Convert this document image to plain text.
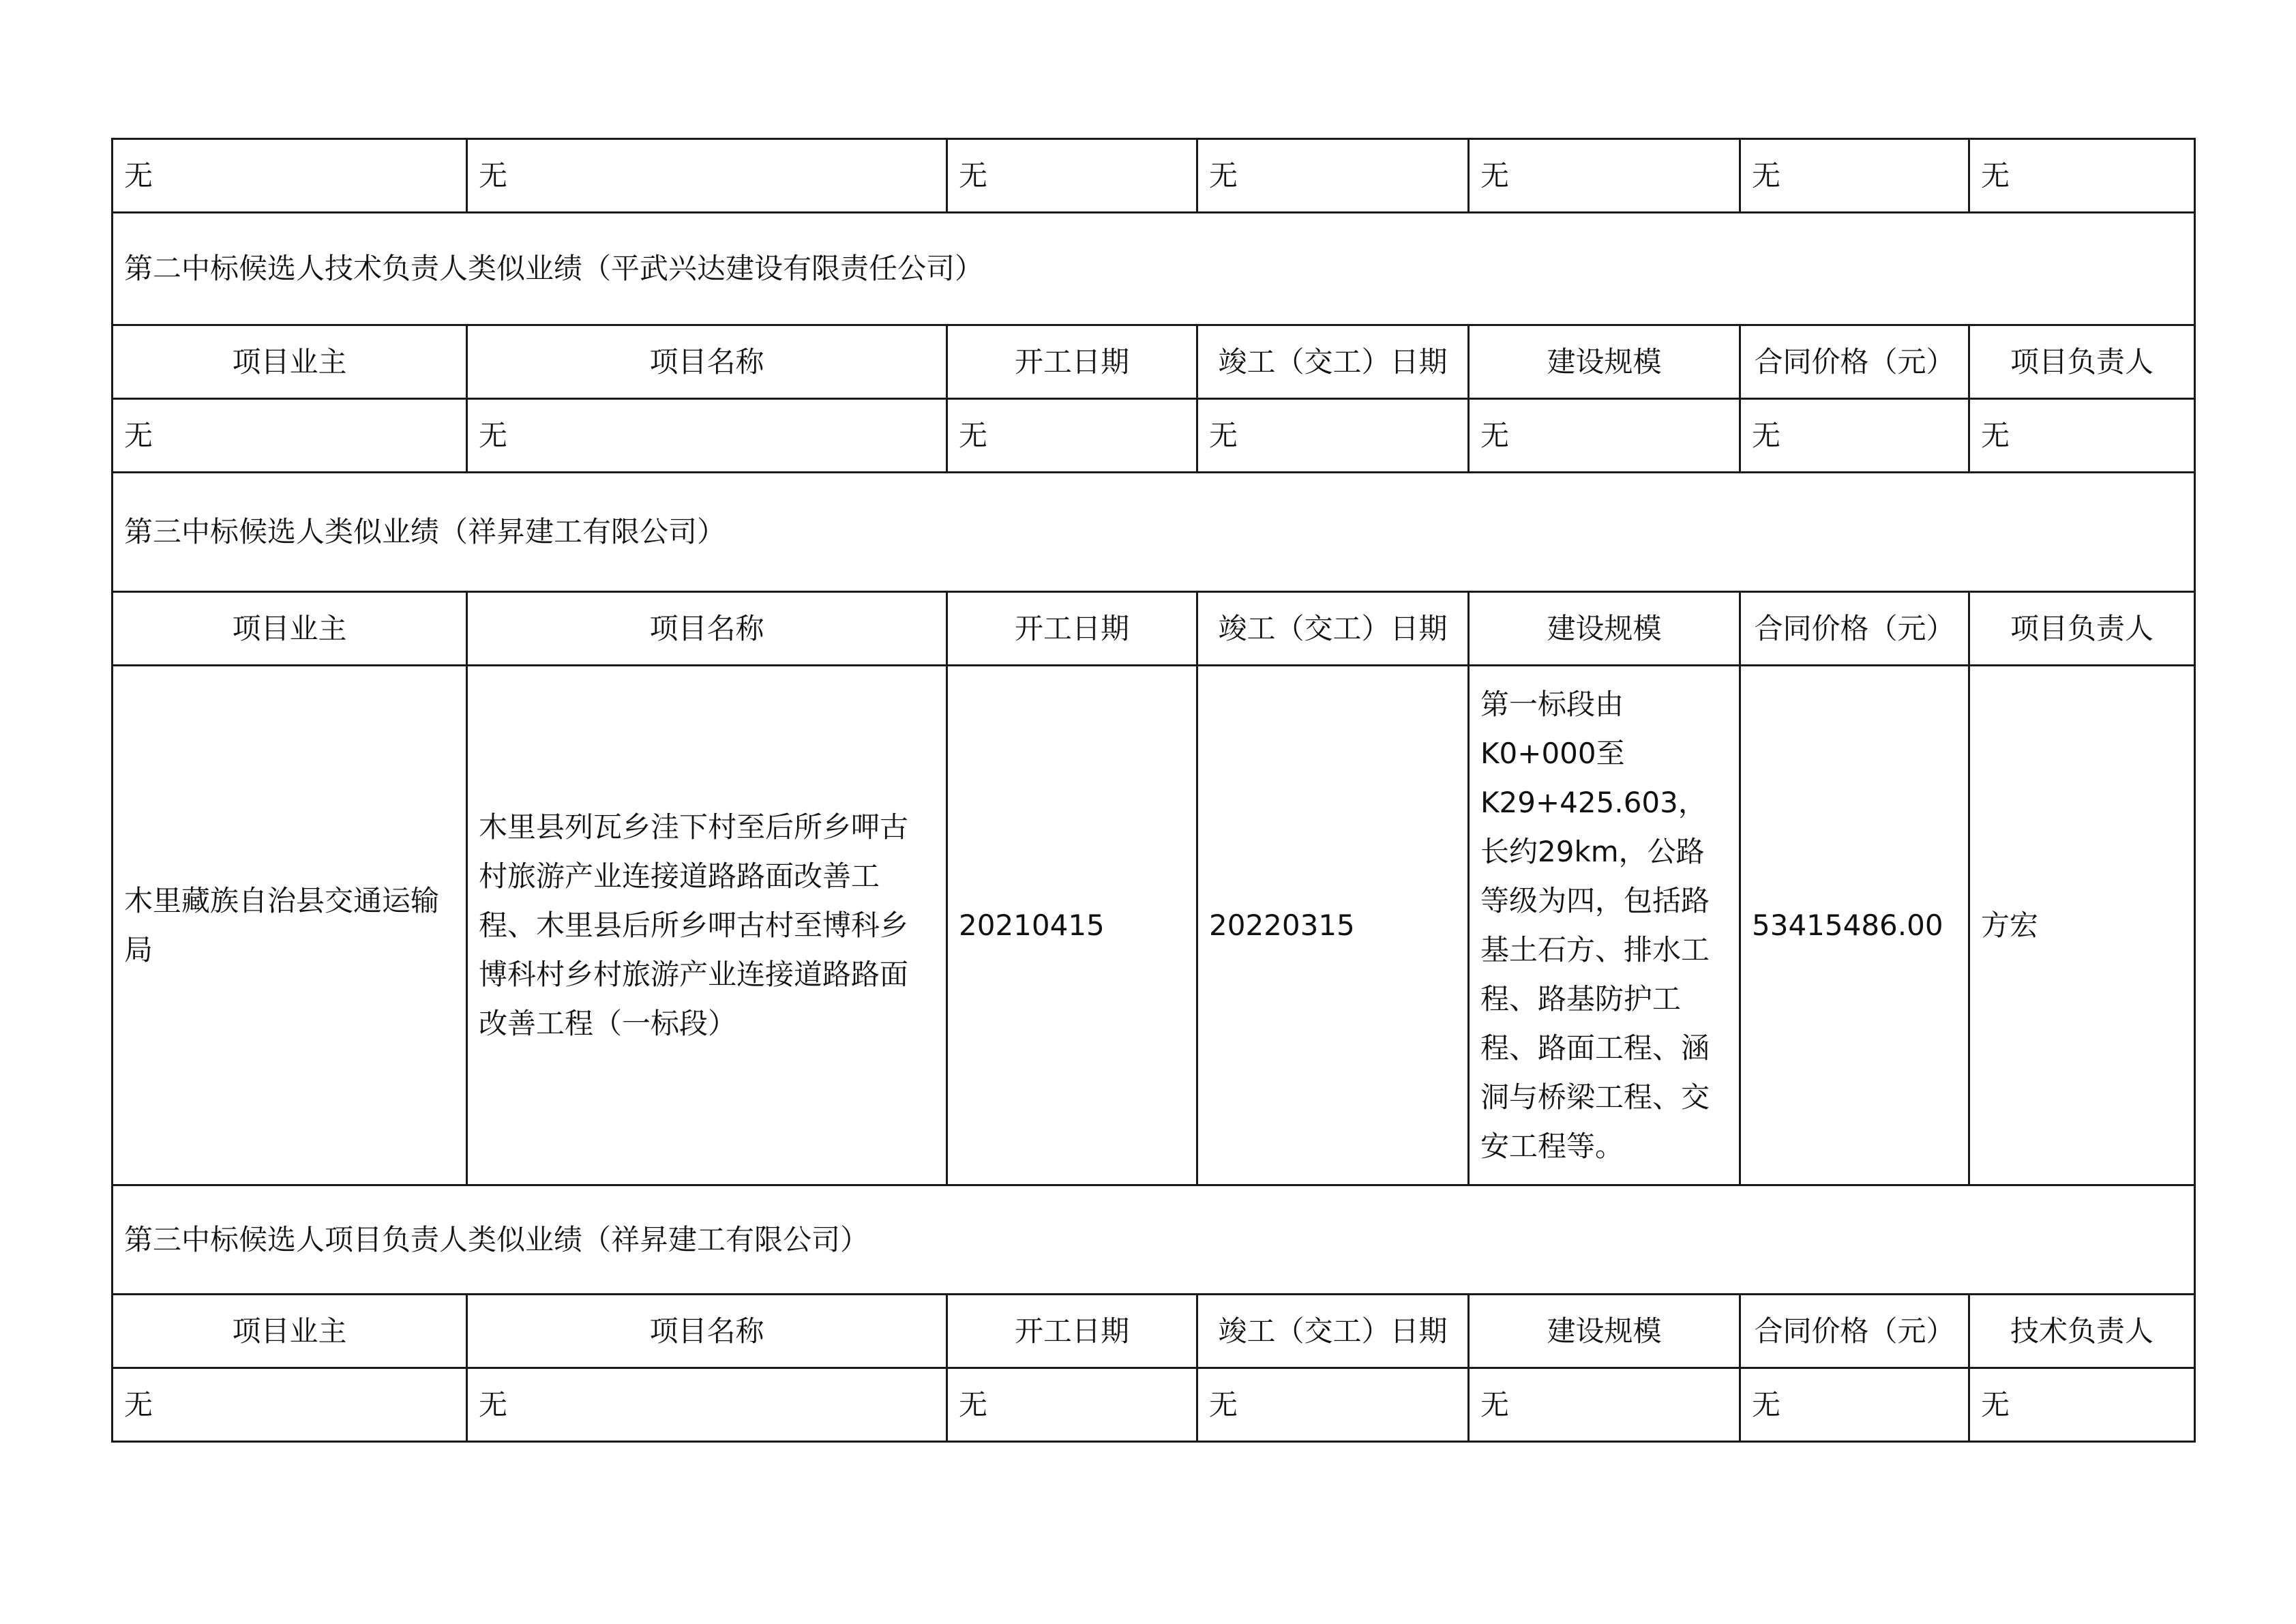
无	无	无	无	无	无	无
第二中标候选人技术负责人类似业绩（平武兴达建设有限责任公司）						
项目业主	项目名称	开工日期	竣工（交工）日期	建设规模	合同价格（元）	项目负责人
无	无	无	无	无	无	无
第三中标候选人类似业绩（祥昇建工有限公司）						
项目业主	项目名称	开工日期	竣工（交工）日期	建设规模	合同价格（元）	项目负责人
木里藏族自治县交通运输局	木里县列瓦乡洼下村至后所乡呷古村旅游产业连接道路路面改善工程、木里县后所乡呷古村至博科乡博科村乡村旅游产业连接道路路面改善工程（一标段）	20210415	20220315	第一标段由K0+000至K29+425.603，长约29km，公路等级为四，包括路基土石方、排水工程、路基防护工程、路面工程、涵洞与桥梁工程、交安工程等。	53415486.00	方宏
第三中标候选人项目负责人类似业绩（祥昇建工有限公司）						
项目业主	项目名称	开工日期	竣工（交工）日期	建设规模	合同价格（元）	技术负责人
无	无	无	无	无	无	无
